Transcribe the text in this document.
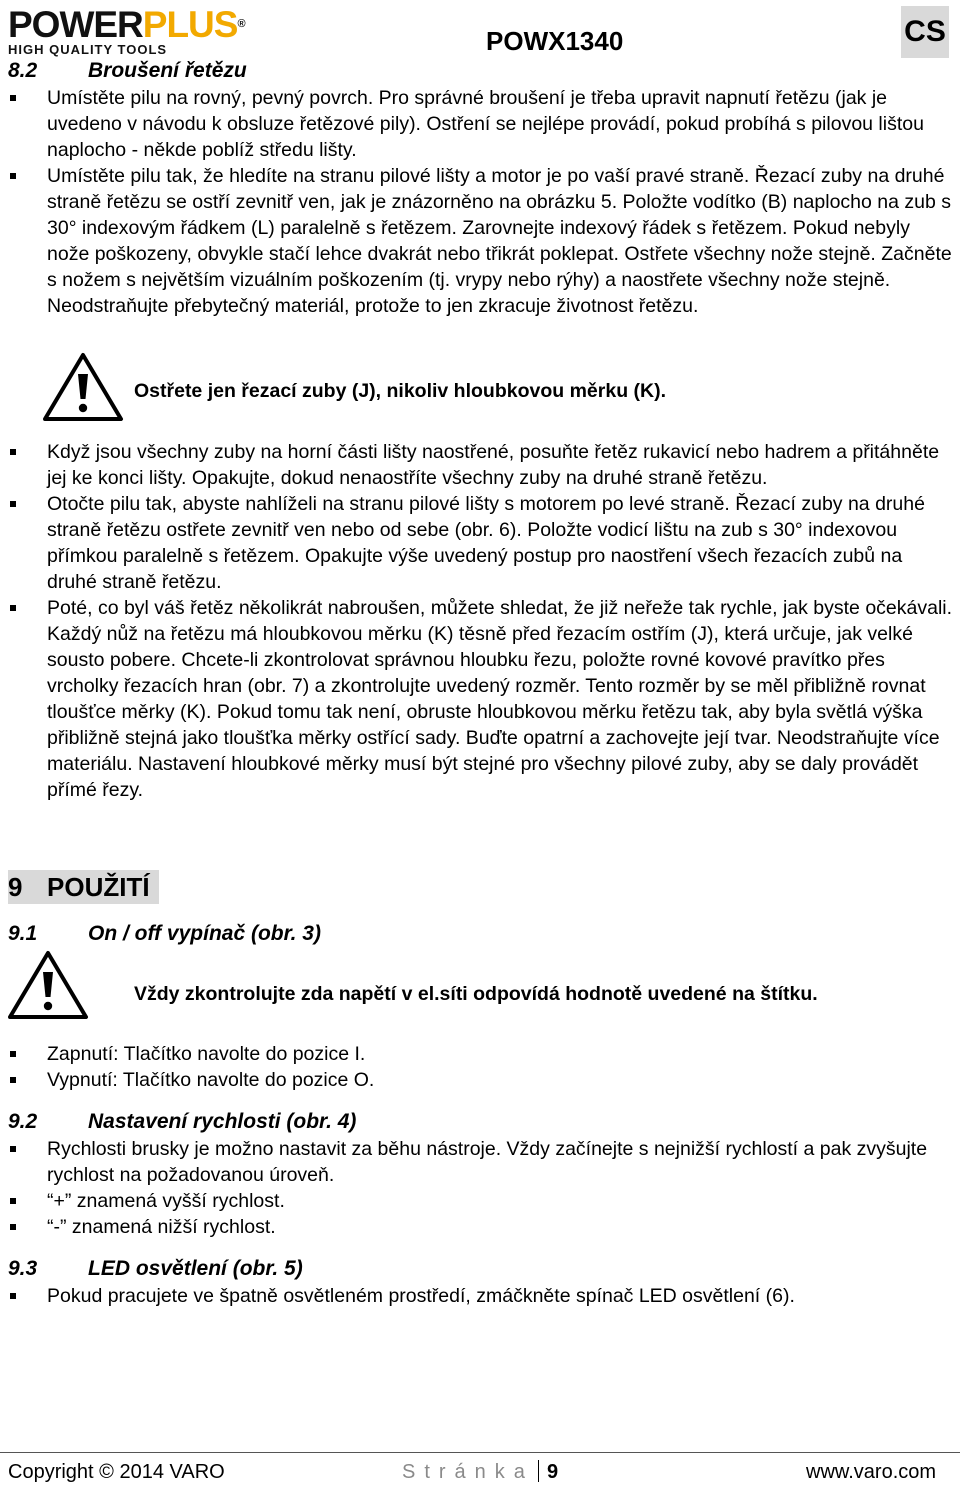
POWERPLUS®
HIGH QUALITY TOOLS	POWX1340	CS
8.2 Broušení řetězu

Umístěte pilu na rovný, pevný povrch. Pro správné broušení je třeba upravit napnutí řetězu (jak je uvedeno v návodu k obsluze řetězové pily). Ostření se nejlépe provádí, pokud probíhá s pilovou lištou naplocho - někde poblíž středu lišty.

Umístěte pilu tak, že hledíte na stranu pilové lišty a motor je po vaší pravé straně. Řezací zuby na druhé straně řetězu se ostří zevnitř ven, jak je znázorněno na obrázku 5. Položte vodítko (B) naplocho na zub s 30° indexovým řádkem (L) paralelně s řetězem. Zarovnejte indexový řádek s řetězem. Pokud nebyly nože poškozeny, obvykle stačí lehce dvakrát nebo třikrát poklepat. Ostřete všechny nože stejně. Začněte s nožem s největším vizuálním poškozením (tj. vrypy nebo rýhy) a naostřete všechny nože stejně. Neodstraňujte přebytečný materiál, protože to jen zkracuje životnost řetězu.

Ostřete jen řezací zuby (J), nikoliv hloubkovou měrku (K).

Když jsou všechny zuby na horní části lišty naostřené, posuňte řetěz rukavicí nebo hadrem a přitáhněte jej ke konci lišty. Opakujte, dokud nenaostříte všechny zuby na druhé straně řetězu.

Otočte pilu tak, abyste nahlíželi na stranu pilové lišty s motorem po levé straně. Řezací zuby na druhé straně řetězu ostřete zevnitř ven nebo od sebe (obr. 6). Položte vodicí lištu na zub s 30° indexovou přímkou paralelně s řetězem. Opakujte výše uvedený postup pro naostření všech řezacích zubů na druhé straně řetězu.

Poté, co byl váš řetěz několikrát nabroušen, můžete shledat, že již neřeže tak rychle, jak byste očekávali. Každý nůž na řetězu má hloubkovou měrku (K) těsně před řezacím ostřím (J), která určuje, jak velké sousto pobere. Chcete-li zkontrolovat správnou hloubku řezu, položte rovné kovové pravítko přes vrcholky řezacích hran (obr. 7) a zkontrolujte uvedený rozměr. Tento rozměr by se měl přibližně rovnat tloušťce měrky (K). Pokud tomu tak není, obruste hloubkovou měrku řetězu tak, aby byla světlá výška přibližně stejná jako tloušťka měrky ostřící sady. Buďte opatrní a zachovejte její tvar. Neodstraňujte více materiálu. Nastavení hloubkové měrky musí být stejné pro všechny pilové zuby, aby se daly provádět přímé řezy.

9 POUŽITÍ
9.1 On / off vypínač (obr. 3)
Vždy zkontrolujte zda napětí v el.síti odpovídá hodnotě uvedené na štítku.

Zapnutí: Tlačítko navolte do pozice I.

Vypnutí: Tlačítko navolte do pozice O.

9.2 Nastavení rychlosti (obr. 4)

Rychlosti brusky je možno nastavit za běhu nástroje. Vždy začínejte s nejnižší rychlostí a pak zvyšujte rychlost na požadovanou úroveň.

“+” znamená vyšší rychlost.

“-” znamená nižší rychlost.

9.3 LED osvětlení (obr. 5)

Pokud pracujete ve špatně osvětleném prostředí, zmáčkněte spínač LED osvětlení (6).

Copyright © 2014 VARO	Stránka 9	www.varo.com
